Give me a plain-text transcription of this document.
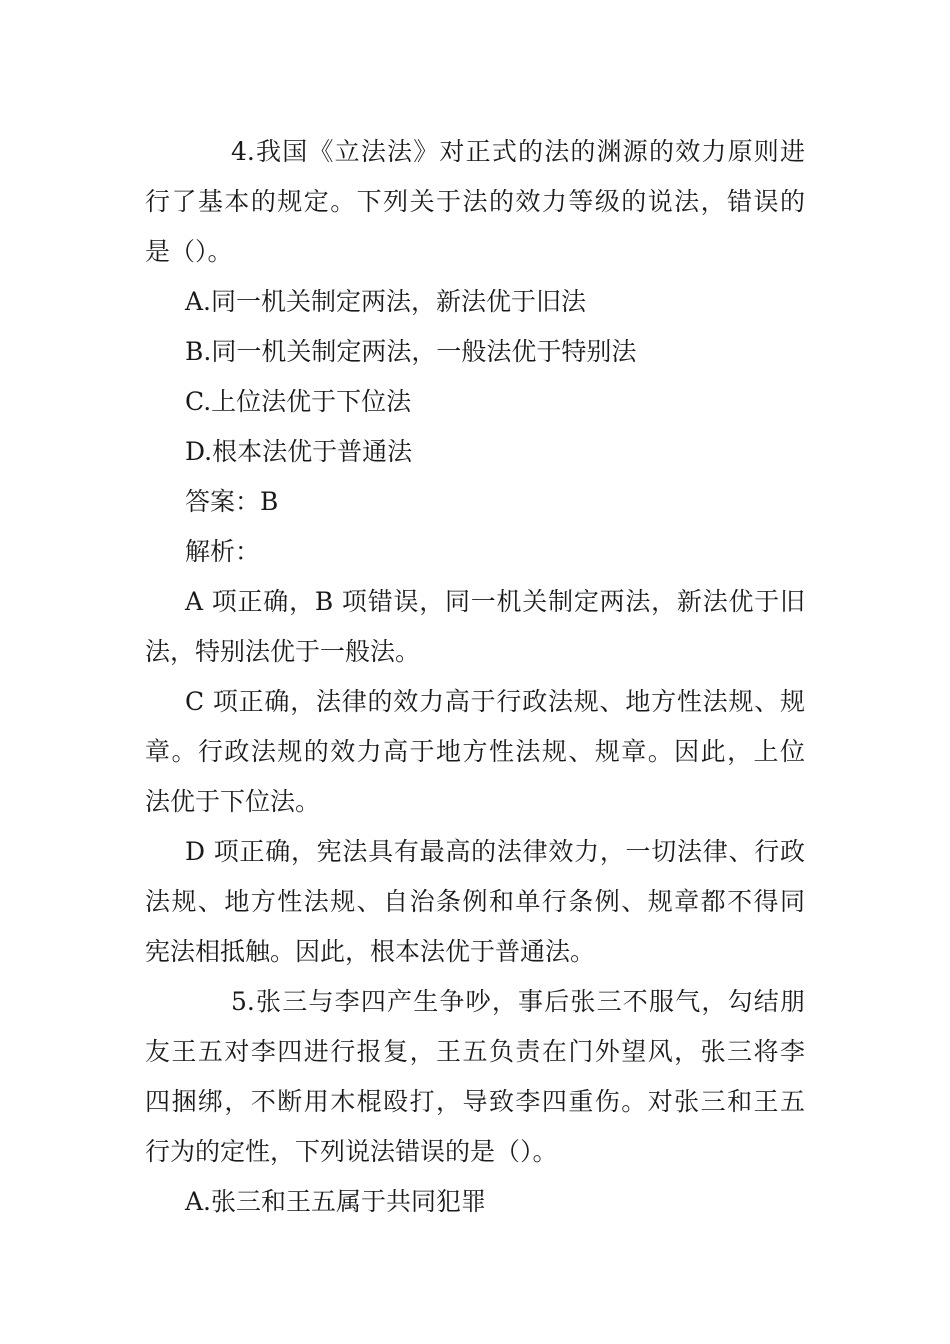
4.我国《立法法》对正式的法的渊源的效力原则进
行了基本的规定。下列关于法的效力等级的说法，错误的
是（）。
A.同一机关制定两法，新法优于旧法
B.同一机关制定两法，一般法优于特别法
C.上位法优于下位法
D.根本法优于普通法
答案：B
解析：
A 项正确，B 项错误，同一机关制定两法，新法优于旧
法，特别法优于一般法。
C 项正确，法律的效力高于行政法规、地方性法规、规
章。行政法规的效力高于地方性法规、规章。因此，上位
法优于下位法。
D 项正确，宪法具有最高的法律效力，一切法律、行政
法规、地方性法规、自治条例和单行条例、规章都不得同
宪法相抵触。因此，根本法优于普通法。
5.张三与李四产生争吵，事后张三不服气，勾结朋
友王五对李四进行报复，王五负责在门外望风，张三将李
四捆绑，不断用木棍殴打，导致李四重伤。对张三和王五
行为的定性，下列说法错误的是（）。
A.张三和王五属于共同犯罪
